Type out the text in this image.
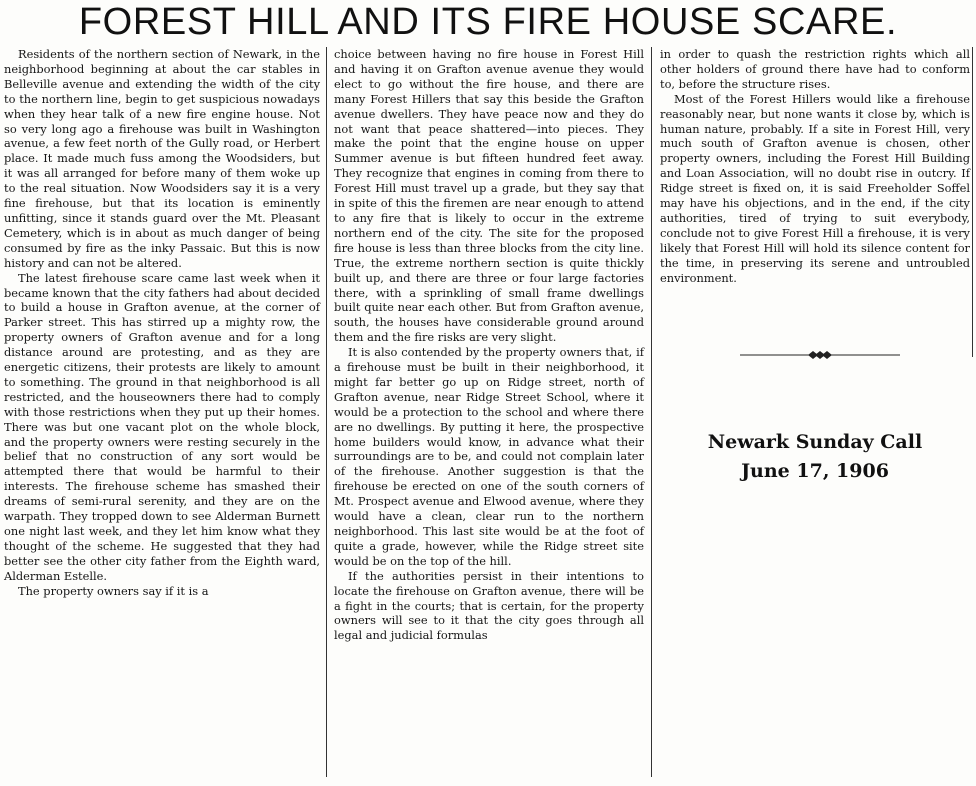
FOREST HILL AND ITS FIRE HOUSE SCARE.

Residents of the northern section of Newark, in the neighborhood beginning at about the car stables in Belleville avenue and extending the width of the city to the northern line, begin to get suspicious nowadays when they hear talk of a new fire engine house. Not so very long ago a firehouse was built in Washington avenue, a few feet north of the Gully road, or Herbert place. It made much fuss among the Woodsiders, but it was all arranged for before many of them woke up to the real situation. Now Woodsiders say it is a very fine firehouse, but that its location is eminently unfitting, since it stands guard over the Mt. Pleasant Cemetery, which is in about as much danger of being consumed by fire as the inky Passaic. But this is now history and can not be altered.

The latest firehouse scare came last week when it became known that the city fathers had about decided to build a house in Grafton avenue, at the corner of Parker street. This has stirred up a mighty row, the property owners of Grafton avenue and for a long distance around are protesting, and as they are energetic citizens, their protests are likely to amount to something. The ground in that neighborhood is all restricted, and the houseowners there had to comply with those restrictions when they put up their homes. There was but one vacant plot on the whole block, and the property owners were resting securely in the belief that no construction of any sort would be attempted there that would be harmful to their interests. The firehouse scheme has smashed their dreams of semi-rural serenity, and they are on the warpath. They tropped down to see Alderman Burnett one night last week, and they let him know what they thought of the scheme. He suggested that they had better see the other city father from the Eighth ward, Alderman Estelle.

The property owners say if it is a

choice between having no fire house in Forest Hill and having it on Grafton avenue avenue they would elect to go without the fire house, and there are many Forest Hillers that say this beside the Grafton avenue dwellers. They have peace now and they do not want that peace shattered—into pieces. They make the point that the engine house on upper Summer avenue is but fifteen hundred feet away. They recognize that engines in coming from there to Forest Hill must travel up a grade, but they say that in spite of this the firemen are near enough to attend to any fire that is likely to occur in the extreme northern end of the city. The site for the proposed fire house is less than three blocks from the city line. True, the extreme northern section is quite thickly built up, and there are three or four large factories there, with a sprinkling of small frame dwellings built quite near each other. But from Grafton avenue, south, the houses have considerable ground around them and the fire risks are very slight.

It is also contended by the property owners that, if a firehouse must be built in their neighborhood, it might far better go up on Ridge street, north of Grafton avenue, near Ridge Street School, where it would be a protection to the school and where there are no dwellings. By putting it here, the prospective home builders would know, in advance what their surroundings are to be, and could not complain later of the firehouse. Another suggestion is that the firehouse be erected on one of the south corners of Mt. Prospect avenue and Elwood avenue, where they would have a clean, clear run to the northern neighborhood. This last site would be at the foot of quite a grade, however, while the Ridge street site would be on the top of the hill.

If the authorities persist in their intentions to locate the firehouse on Grafton avenue, there will be a fight in the courts; that is certain, for the property owners will see to it that the city goes through all legal and judicial formulas

in order to quash the restriction rights which all other holders of ground there have had to conform to, before the structure rises.

Most of the Forest Hillers would like a firehouse reasonably near, but none wants it close by, which is human nature, probably. If a site in Forest Hill, very much south of Grafton avenue is chosen, other property owners, including the Forest Hill Building and Loan Association, will no doubt rise in outcry. If Ridge street is fixed on, it is said Freeholder Soffel may have his objections, and in the end, if the city authorities, tired of trying to suit everybody, conclude not to give Forest Hill a firehouse, it is very likely that Forest Hill will hold its silence content for the time, in preserving its serene and untroubled environment.

Newark Sunday Call
June 17, 1906
